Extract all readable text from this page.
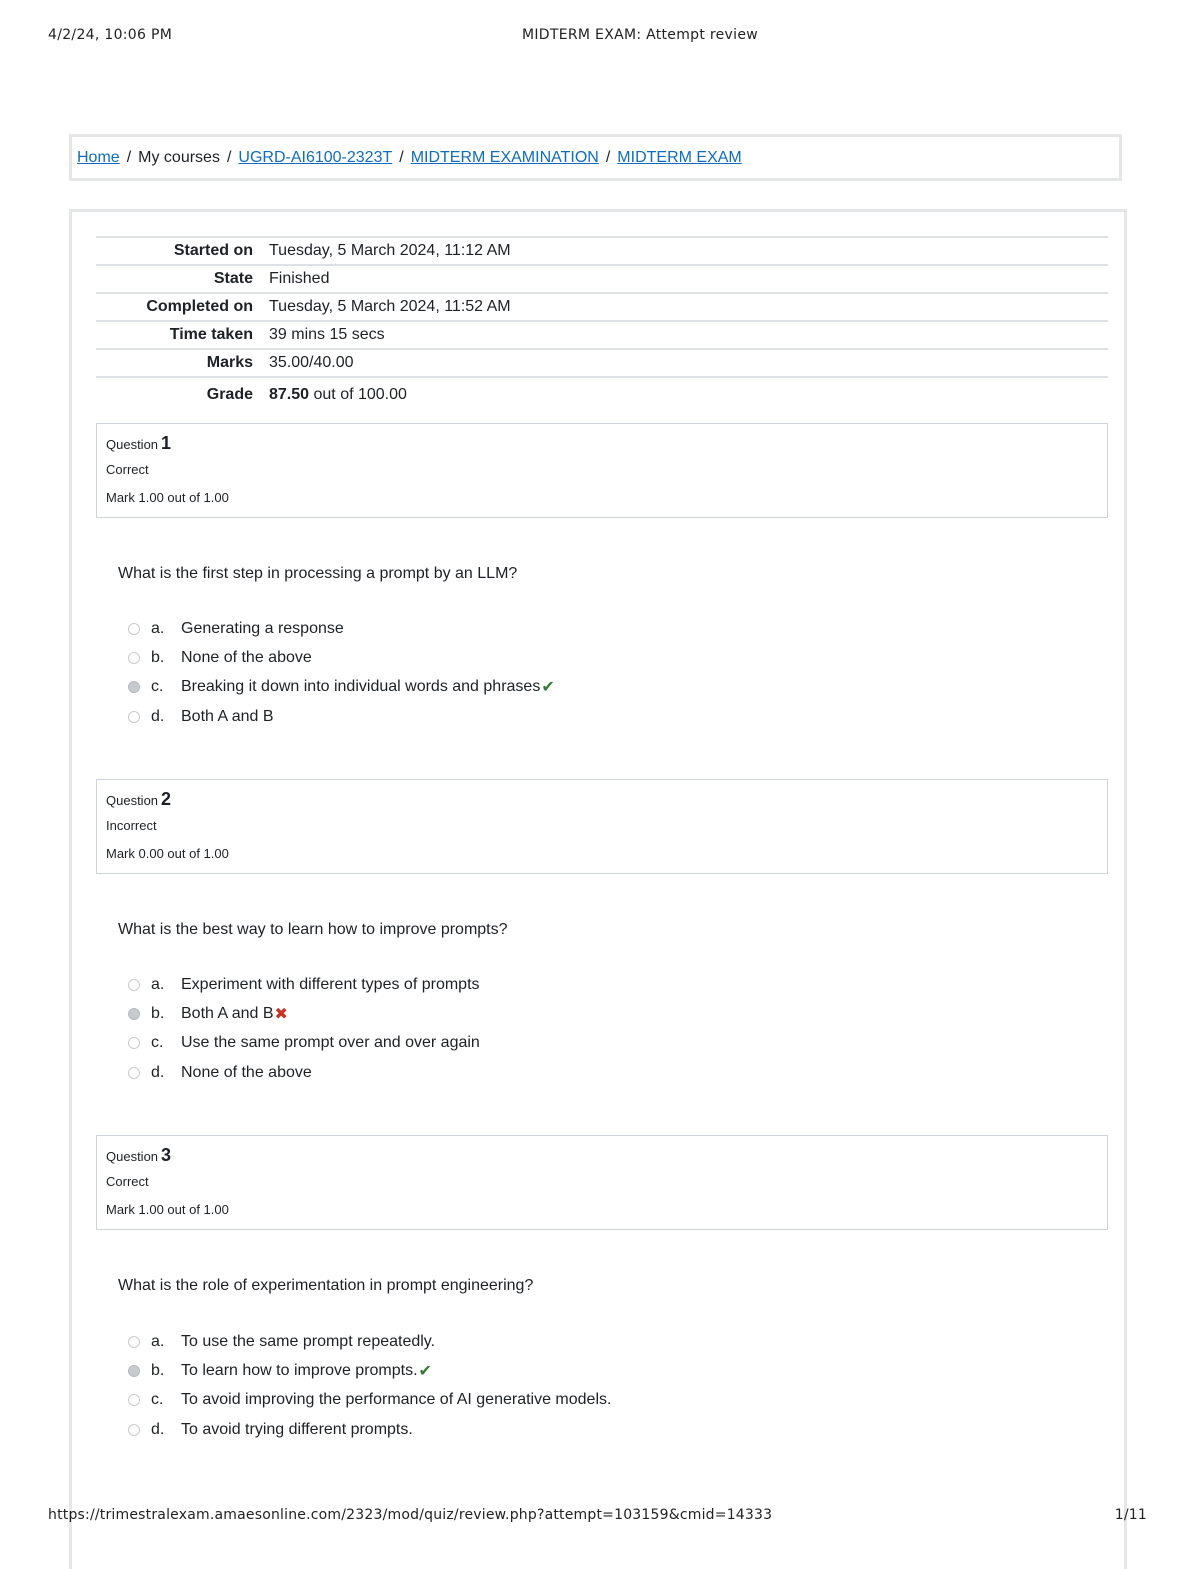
4/2/24, 10:06 PM	MIDTERM EXAM: Attempt review
Home / My courses / UGRD-AI6100-2323T / MIDTERM EXAMINATION / MIDTERM EXAM
Started on	Tuesday, 5 March 2024, 11:12 AM
State	Finished
Completed on	Tuesday, 5 March 2024, 11:52 AM
Time taken	39 mins 15 secs
Marks	35.00/40.00
Grade	87.50 out of 100.00
Question 1
Correct
Mark 1.00 out of 1.00
What is the first step in processing a prompt by an LLM?
a.	Generating a response
b.	None of the above
c.	Breaking it down into individual words and phrases ✔
d.	Both A and B
Question 2
Incorrect
Mark 0.00 out of 1.00
What is the best way to learn how to improve prompts?
a.	Experiment with different types of prompts
b.	Both A and B ✖
c.	Use the same prompt over and over again
d.	None of the above
Question 3
Correct
Mark 1.00 out of 1.00
What is the role of experimentation in prompt engineering?
a.	To use the same prompt repeatedly.
b.	To learn how to improve prompts. ✔
c.	To avoid improving the performance of AI generative models.
d.	To avoid trying different prompts.
https://trimestralexam.amaesonline.com/2323/mod/quiz/review.php?attempt=103159&cmid=14333	1/11
